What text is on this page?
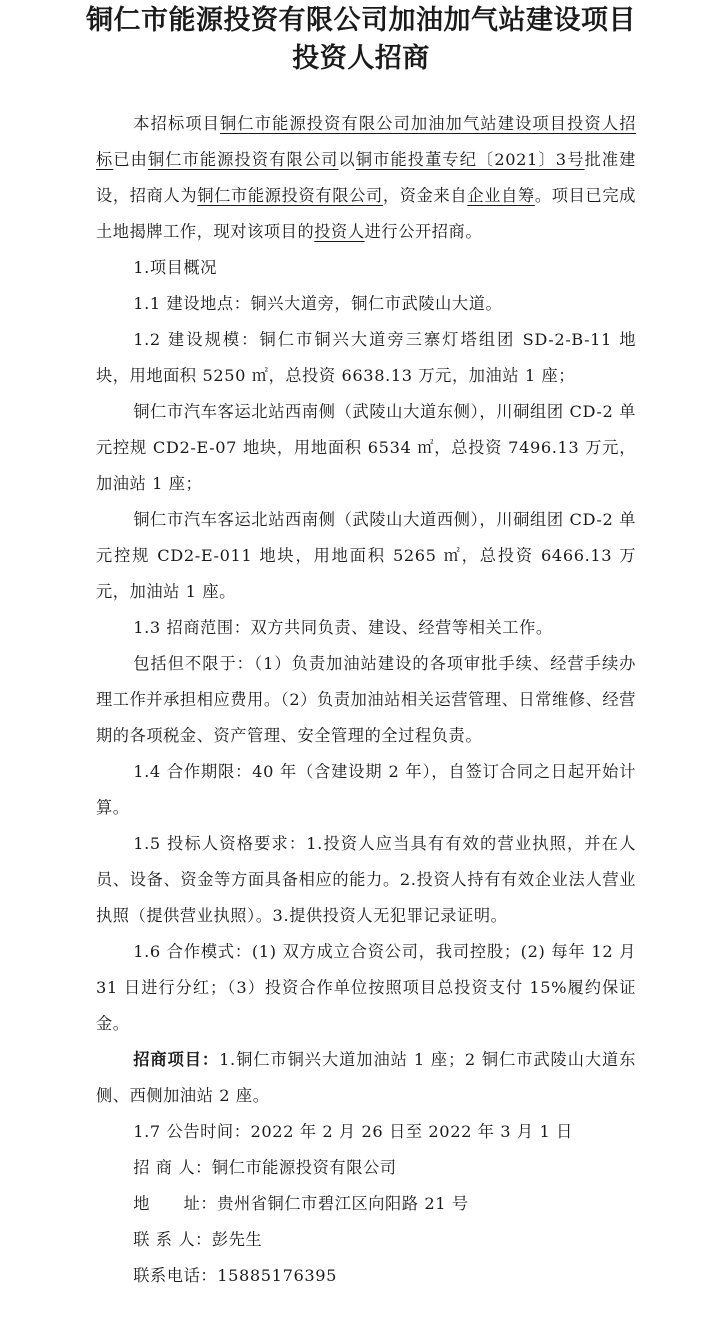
铜仁市能源投资有限公司加油加气站建设项目
投资人招商

本招标项目铜仁市能源投资有限公司加油加气站建设项目投资人招标已由铜仁市能源投资有限公司以铜市能投董专纪〔2021〕3号批准建设，招商人为铜仁市能源投资有限公司，资金来自企业自筹。项目已完成土地揭牌工作，现对该项目的投资人进行公开招商。

1.项目概况

1.1 建设地点：铜兴大道旁，铜仁市武陵山大道。

1.2 建设规模：铜仁市铜兴大道旁三寨灯塔组团 SD-2-B-11 地块，用地面积 5250 ㎡，总投资 6638.13 万元，加油站 1 座；

铜仁市汽车客运北站西南侧（武陵山大道东侧），川硐组团 CD-2 单元控规 CD2-E-07 地块，用地面积 6534 ㎡，总投资 7496.13 万元，加油站 1 座；

铜仁市汽车客运北站西南侧（武陵山大道西侧），川硐组团 CD-2 单元控规 CD2-E-011 地块，用地面积 5265 ㎡，总投资 6466.13 万元，加油站 1 座。

1.3 招商范围：双方共同负责、建设、经营等相关工作。

包括但不限于：（1）负责加油站建设的各项审批手续、经营手续办理工作并承担相应费用。（2）负责加油站相关运营管理、日常维修、经营期的各项税金、资产管理、安全管理的全过程负责。

1.4 合作期限：40 年（含建设期 2 年），自签订合同之日起开始计算。

1.5 投标人资格要求：1.投资人应当具有有效的营业执照，并在人员、设备、资金等方面具备相应的能力。2.投资人持有有效企业法人营业执照（提供营业执照）。3.提供投资人无犯罪记录证明。

1.6 合作模式：(1) 双方成立合资公司，我司控股；(2) 每年 12 月 31 日进行分红；（3）投资合作单位按照项目总投资支付 15%履约保证金。

招商项目：1.铜仁市铜兴大道加油站 1 座；2 铜仁市武陵山大道东侧、西侧加油站 2 座。

1.7 公告时间：2022 年 2 月 26 日至 2022 年 3 月 1 日

招 商 人：铜仁市能源投资有限公司

地　　址：贵州省铜仁市碧江区向阳路 21 号

联 系 人：彭先生

联系电话：15885176395
